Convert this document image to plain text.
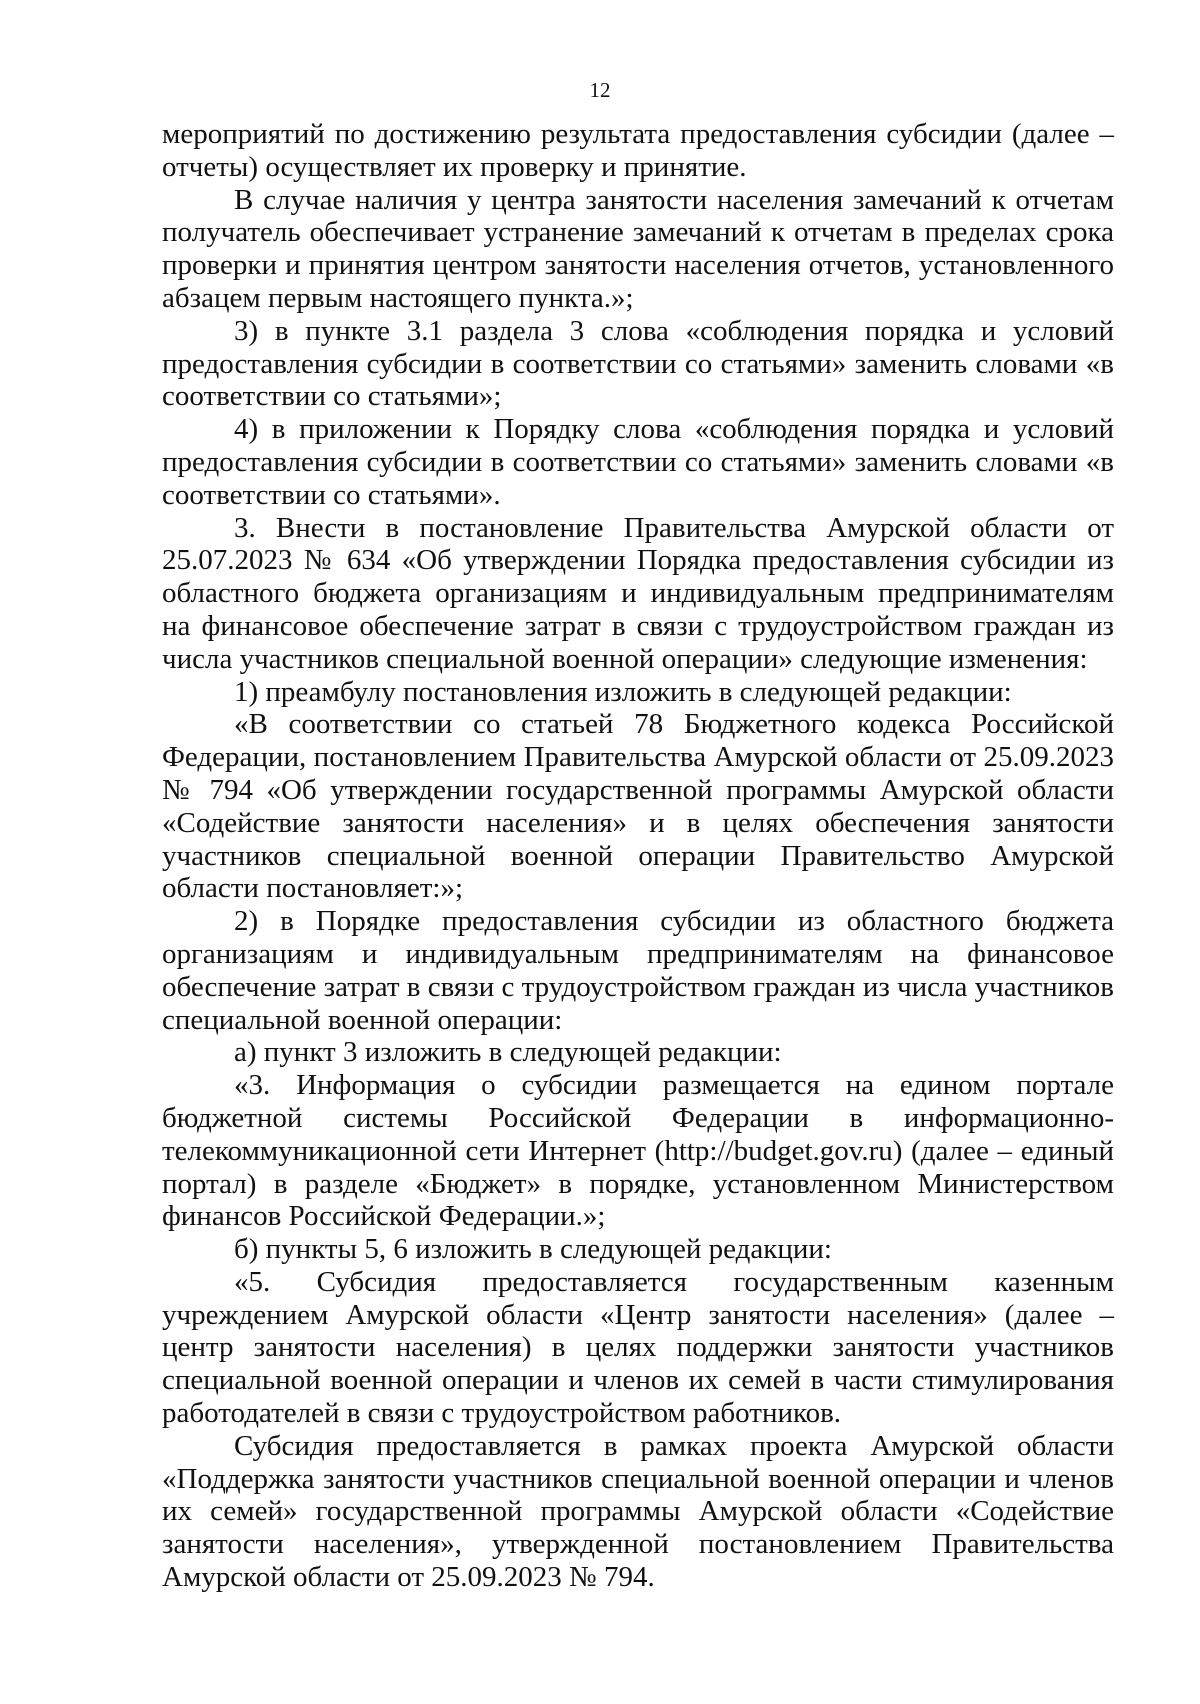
12

мероприятий по достижению результата предоставления субсидии (далее – отчеты) осуществляет их проверку и принятие.

В случае наличия у центра занятости населения замечаний к отчетам получатель обеспечивает устранение замечаний к отчетам в пределах срока проверки и принятия центром занятости населения отчетов, установленного абзацем первым настоящего пункта.»;

3) в пункте 3.1 раздела 3 слова «соблюдения порядка и условий предоставления субсидии в соответствии со статьями» заменить словами «в соответствии со статьями»;

4) в приложении к Порядку слова «соблюдения порядка и условий предоставления субсидии в соответствии со статьями» заменить словами «в соответствии со статьями».

3. Внести в постановление Правительства Амурской области от 25.07.2023 № 634 «Об утверждении Порядка предоставления субсидии из областного бюджета организациям и индивидуальным предпринимателям на финансовое обеспечение затрат в связи с трудоустройством граждан из числа участников специальной военной операции» следующие изменения:

1) преамбулу постановления изложить в следующей редакции:

«В соответствии со статьей 78 Бюджетного кодекса Российской Федерации, постановлением Правительства Амурской области от 25.09.2023 № 794 «Об утверждении государственной программы Амурской области «Содействие занятости населения» и в целях обеспечения занятости участников специальной военной операции Правительство Амурской области постановляет:»;

2) в Порядке предоставления субсидии из областного бюджета организациям и индивидуальным предпринимателям на финансовое обеспечение затрат в связи с трудоустройством граждан из числа участников специальной военной операции:

а) пункт 3 изложить в следующей редакции:

«3. Информация о субсидии размещается на едином портале бюджетной системы Российской Федерации в информационно-телекоммуникационной сети Интернет (http://budget.gov.ru) (далее – единый портал) в разделе «Бюджет» в порядке, установленном Министерством финансов Российской Федерации.»;

б) пункты 5, 6 изложить в следующей редакции:

«5. Субсидия предоставляется государственным казенным учреждением Амурской области «Центр занятости населения» (далее – центр занятости населения) в целях поддержки занятости участников специальной военной операции и членов их семей в части стимулирования работодателей в связи с трудоустройством работников.

Субсидия предоставляется в рамках проекта Амурской области «Поддержка занятости участников специальной военной операции и членов их семей» государственной программы Амурской области «Содействие занятости населения», утвержденной постановлением Правительства Амурской области от 25.09.2023 № 794.
